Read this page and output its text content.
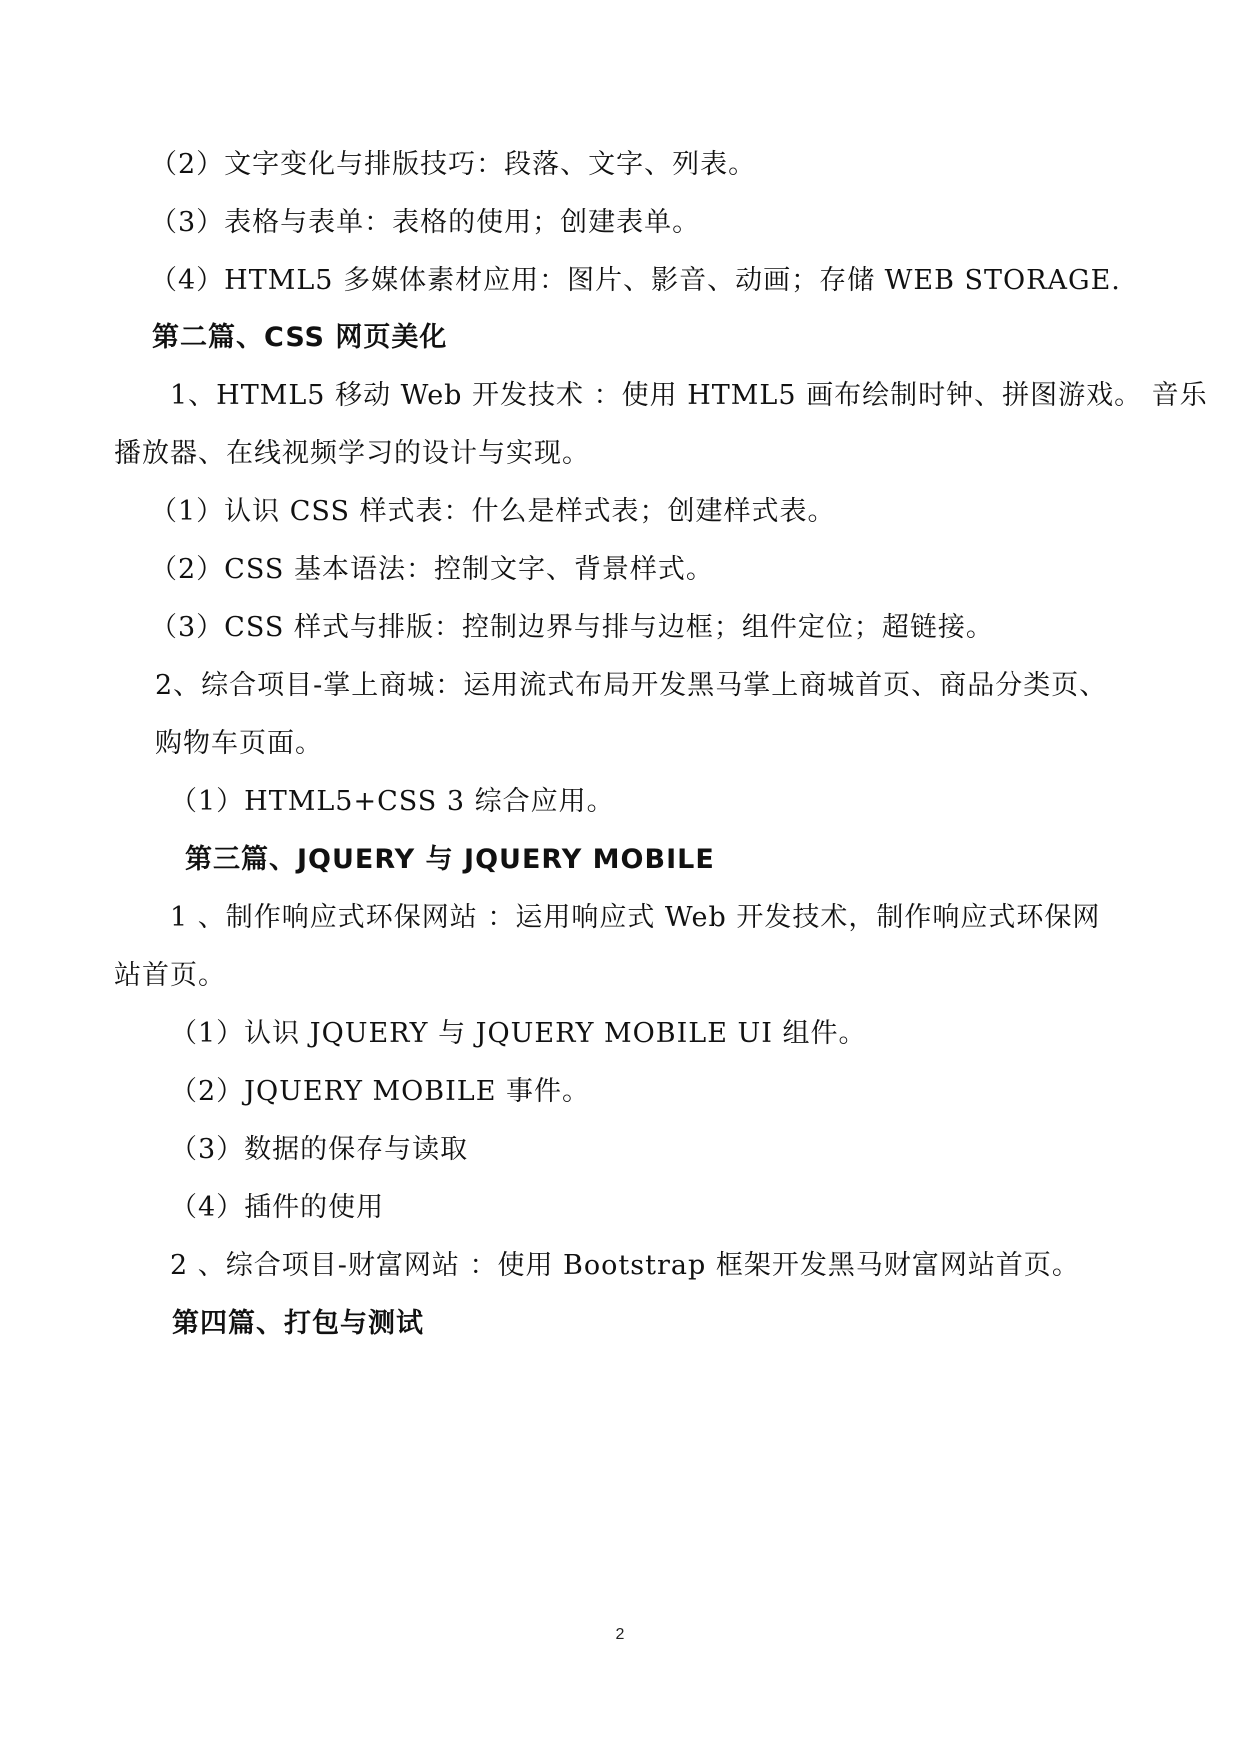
（2）文字变化与排版技巧：段落、文字、列表。
（3）表格与表单：表格的使用；创建表单。
（4）HTML5 多媒体素材应用：图片、影音、动画；存储 WEB STORAGE.
第二篇、CSS 网页美化
1、HTML5 移动 Web 开发技术 ：使用 HTML5 画布绘制时钟、拼图游戏。 音乐
播放器、在线视频学习的设计与实现。
（1）认识 CSS 样式表：什么是样式表；创建样式表。
（2）CSS 基本语法：控制文字、背景样式。
（3）CSS 样式与排版：控制边界与排与边框；组件定位；超链接。
2、综合项目-掌上商城：运用流式布局开发黑马掌上商城首页、商品分类页、
购物车页面。
（1）HTML5+CSS 3 综合应用。
第三篇、JQUERY 与 JQUERY MOBILE
1 、制作响应式环保网站 ：运用响应式 Web 开发技术，制作响应式环保网
站首页。
（1）认识 JQUERY 与 JQUERY MOBILE UI 组件。
（2）JQUERY MOBILE 事件。
（3）数据的保存与读取
（4）插件的使用
2 、综合项目-财富网站 ：使用 Bootstrap 框架开发黑马财富网站首页。
第四篇、打包与测试
2
